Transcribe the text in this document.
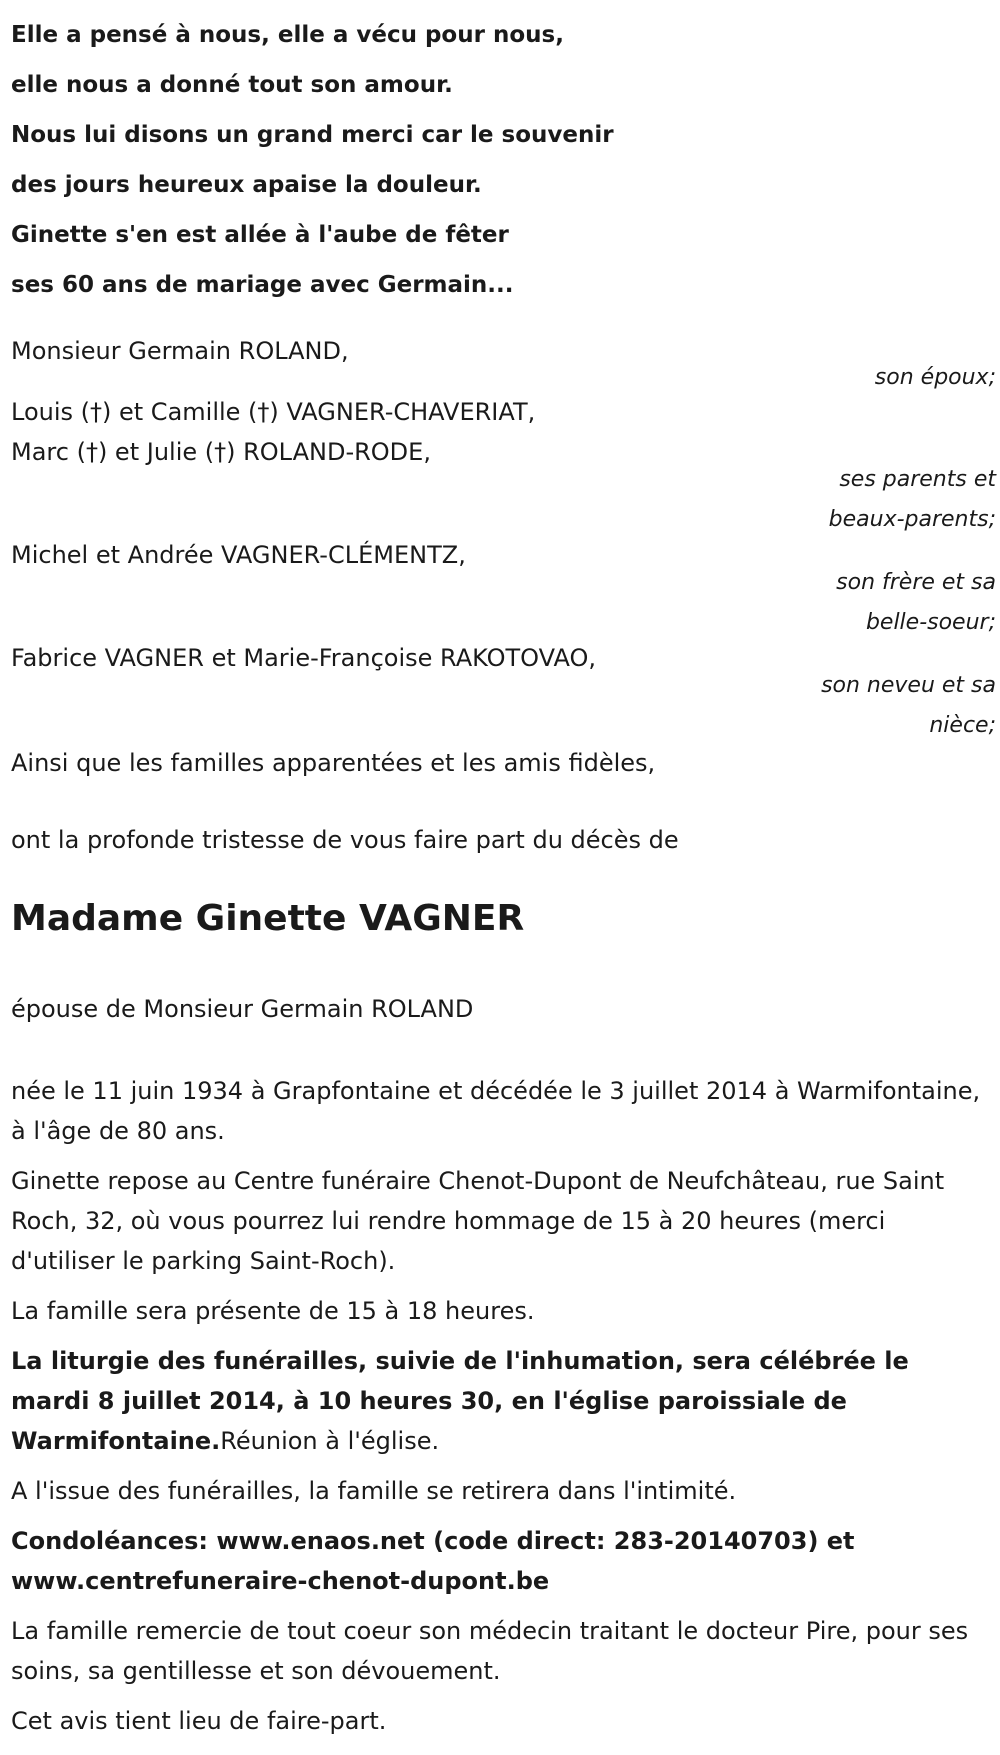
Elle a pensé à nous, elle a vécu pour nous,
elle nous a donné tout son amour.
Nous lui disons un grand merci car le souvenir
des jours heureux apaise la douleur.
Ginette s'en est allée à l'aube de fêter
ses 60 ans de mariage avec Germain...
Monsieur Germain ROLAND,
son époux;
Louis (†) et Camille (†) VAGNER-CHAVERIAT,
Marc (†) et Julie (†) ROLAND-RODE,
ses parents et
beaux-parents;
Michel et Andrée VAGNER-CLÉMENTZ,
son frère et sa
belle-soeur;
Fabrice VAGNER et Marie-Françoise RAKOTOVAO,
son neveu et sa
nièce;
Ainsi que les familles apparentées et les amis fidèles,
ont la profonde tristesse de vous faire part du décès de
Madame Ginette VAGNER
épouse de Monsieur Germain ROLAND
née le 11 juin 1934 à Grapfontaine et décédée le 3 juillet 2014 à Warmifontaine, à l'âge de 80 ans.
Ginette repose au Centre funéraire Chenot-Dupont de Neufchâteau, rue Saint Roch, 32, où vous pourrez lui rendre hommage de 15 à 20 heures (merci d'utiliser le parking Saint-Roch).
La famille sera présente de 15 à 18 heures.
La liturgie des funérailles, suivie de l'inhumation, sera célébrée le mardi 8 juillet 2014, à 10 heures 30, en l'église paroissiale de Warmifontaine.Réunion à l'église.
A l'issue des funérailles, la famille se retirera dans l'intimité.
Condoléances: www.enaos.net (code direct: 283-20140703) et www.centrefuneraire-chenot-dupont.be
La famille remercie de tout coeur son médecin traitant le docteur Pire, pour ses soins, sa gentillesse et son dévouement.
Cet avis tient lieu de faire-part.
